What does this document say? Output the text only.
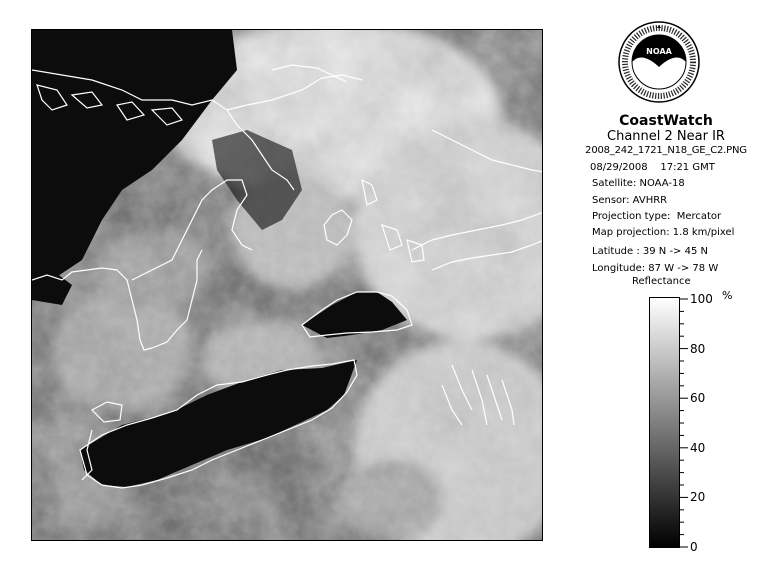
NOAA
CoastWatch
Channel 2 Near IR
2008_242_1721_N18_GE_C2.PNG
08/29/2008    17:21 GMT
Satellite: NOAA-18
Sensor: AVHRR
Projection type:  Mercator
Map projection: 1.8 km/pixel
Latitude : 39 N -> 45 N
Longitude: 87 W -> 78 W
Reflectance
%
100
80
60
40
20
0
